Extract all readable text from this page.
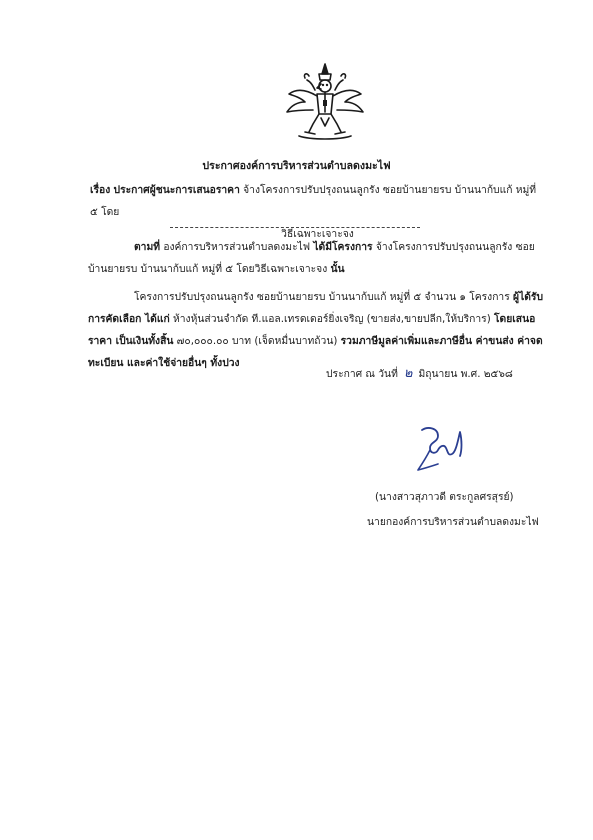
ประกาศองค์การบริหารส่วนตำบลดงมะไฟ
เรื่อง ประกาศผู้ชนะการเสนอราคา จ้างโครงการปรับปรุงถนนลูกรัง ซอยบ้านยายรบ บ้านนาก้บแก้ หมู่ที่ ๕ โดย
วิธีเฉพาะเจาะจง
ตามที่ องค์การบริหารส่วนตำบลดงมะไฟ ได้มีโครงการ จ้างโครงการปรับปรุงถนนลูกรัง ซอยบ้านยายรบ บ้านนาก้บแก้ หมู่ที่ ๕ โดยวิธีเฉพาะเจาะจง นั้น
โครงการปรับปรุงถนนลูกรัง ซอยบ้านยายรบ บ้านนาก้บแก้ หมู่ที่ ๕ จำนวน ๑ โครงการ ผู้ได้รับการคัดเลือก ได้แก่ ห้างหุ้นส่วนจำกัด ที.แอล.เทรดเดอร์ยิ่งเจริญ (ขายส่ง,ขายปลีก,ให้บริการ) โดยเสนอราคา เป็นเงินทั้งสิ้น ๗๐,๐๐๐.๐๐ บาท (เจ็ดหมื่นบาทถ้วน) รวมภาษีมูลค่าเพิ่มและภาษีอื่น ค่าขนส่ง ค่าจดทะเบียน และค่าใช้จ่ายอื่นๆ ทั้งปวง
ประกาศ ณ วันที่ ๒ มิถุนายน พ.ศ. ๒๕๖๘
(นางสาวสุภาวดี ตระกูลศรสุรย์)
นายกองค์การบริหารส่วนตำบลดงมะไฟ
